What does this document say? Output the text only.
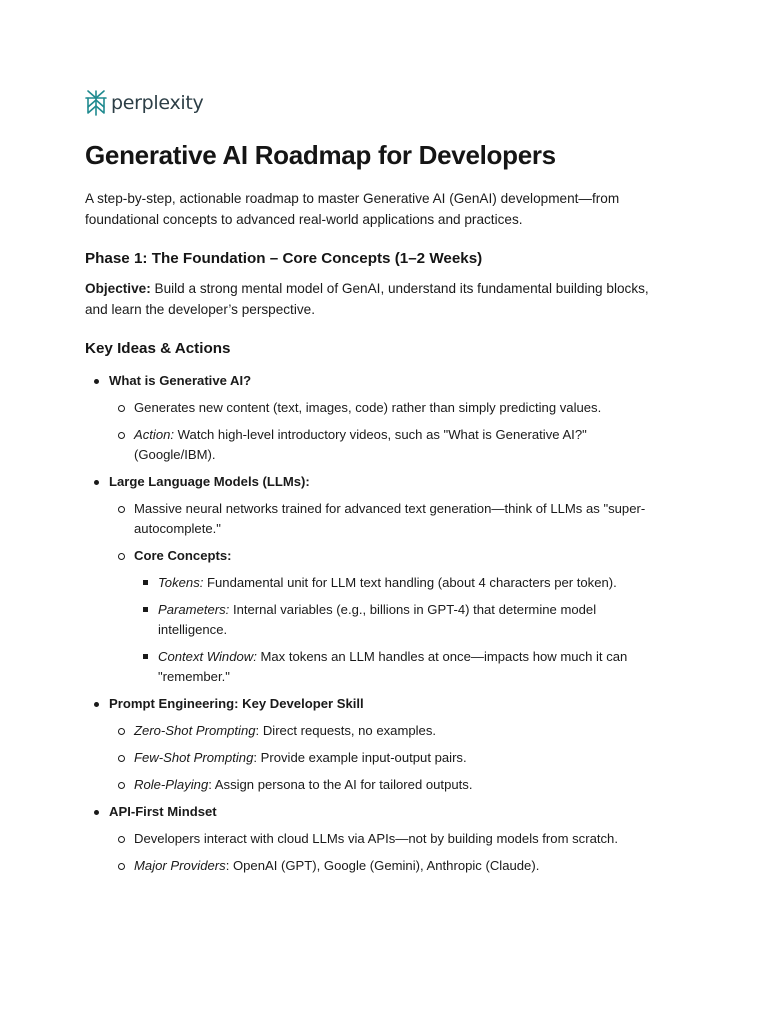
perplexity
Generative AI Roadmap for Developers

A step-by-step, actionable roadmap to master Generative AI (GenAI) development—from foundational concepts to advanced real-world applications and practices.

Phase 1: The Foundation – Core Concepts (1–2 Weeks)

Objective: Build a strong mental model of GenAI, understand its fundamental building blocks, and learn the developer’s perspective.

Key Ideas & Actions
What is Generative AI?
Generates new content (text, images, code) rather than simply predicting values.
Action: Watch high-level introductory videos, such as "What is Generative AI?" (Google/IBM).
Large Language Models (LLMs):
Massive neural networks trained for advanced text generation—think of LLMs as "super-autocomplete."
Core Concepts:
Tokens: Fundamental unit for LLM text handling (about 4 characters per token).
Parameters: Internal variables (e.g., billions in GPT-4) that determine model intelligence.
Context Window: Max tokens an LLM handles at once—impacts how much it can "remember."
Prompt Engineering: Key Developer Skill
Zero-Shot Prompting: Direct requests, no examples.
Few-Shot Prompting: Provide example input-output pairs.
Role-Playing: Assign persona to the AI for tailored outputs.
API-First Mindset
Developers interact with cloud LLMs via APIs—not by building models from scratch.
Major Providers: OpenAI (GPT), Google (Gemini), Anthropic (Claude).
